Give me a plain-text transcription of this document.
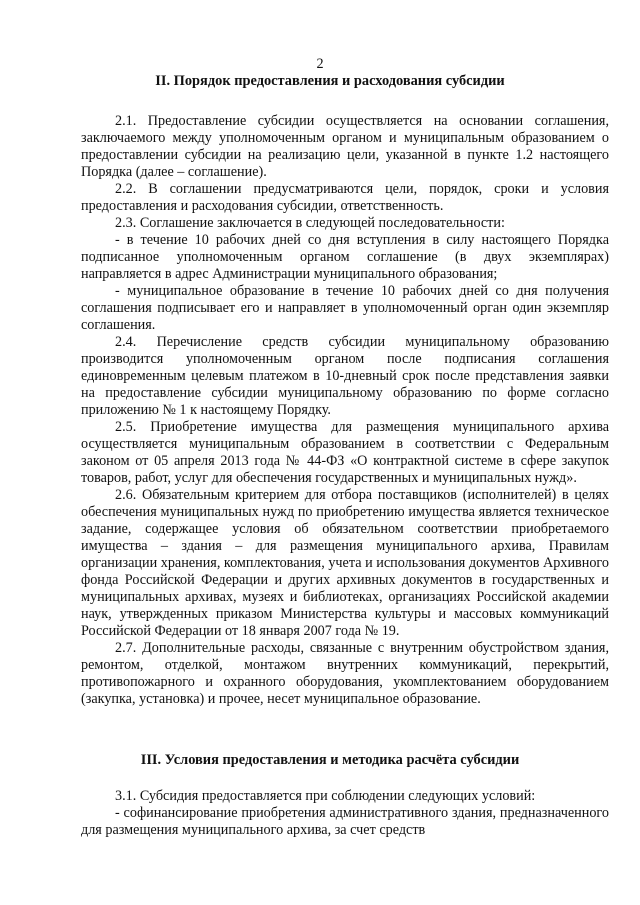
2
II. Порядок предоставления и расходования субсидии

2.1. Предоставление субсидии осуществляется на основании соглашения, заключаемого между уполномоченным органом и муниципальным образованием о предоставлении субсидии на реализацию цели, указанной в пункте 1.2 настоящего Порядка (далее – соглашение).

2.2. В соглашении предусматриваются цели, порядок, сроки и условия предоставления и расходования субсидии, ответственность.

2.3. Соглашение заключается в следующей последовательности:

- в течение 10 рабочих дней со дня вступления в силу настоящего Порядка подписанное уполномоченным органом соглашение (в двух экземплярах) направляется в адрес Администрации муниципального образования;

- муниципальное образование в течение 10 рабочих дней со дня получения соглашения подписывает его и направляет в уполномоченный орган один экземпляр соглашения.

2.4. Перечисление средств субсидии муниципальному образованию производится уполномоченным органом после подписания соглашения единовременным целевым платежом в 10-дневный срок после представления заявки на предоставление субсидии муниципальному образованию по форме согласно приложению № 1 к настоящему Порядку.

2.5. Приобретение имущества для размещения муниципального архива осуществляется муниципальным образованием в соответствии с Федеральным законом от 05 апреля 2013 года № 44-ФЗ «О контрактной системе в сфере закупок товаров, работ, услуг для обеспечения государственных и муниципальных нужд».

2.6. Обязательным критерием для отбора поставщиков (исполнителей) в целях обеспечения муниципальных нужд по приобретению имущества является техническое задание, содержащее условия об обязательном соответствии приобретаемого имущества – здания – для размещения муниципального архива, Правилам организации хранения, комплектования, учета и использования документов Архивного фонда Российской Федерации и других архивных документов в государственных и муниципальных архивах, музеях и библиотеках, организациях Российской академии наук, утвержденных приказом Министерства культуры и массовых коммуникаций Российской Федерации от 18 января 2007 года № 19.

2.7. Дополнительные расходы, связанные с внутренним обустройством здания, ремонтом, отделкой, монтажом внутренних коммуникаций, перекрытий, противопожарного и охранного оборудования, укомплектованием оборудованием (закупка, установка) и прочее, несет муниципальное образование.

III. Условия предоставления и методика расчёта субсидии

3.1. Субсидия предоставляется при соблюдении следующих условий:

- софинансирование приобретения административного здания, предназначенного для размещения муниципального архива, за счет средств
